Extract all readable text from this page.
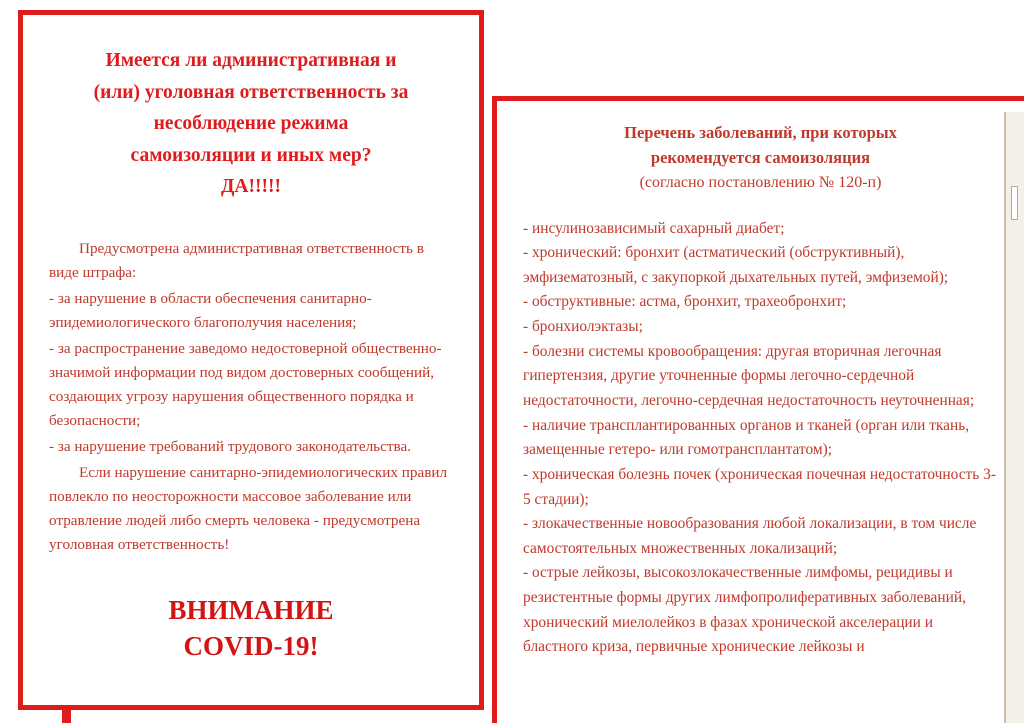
Имеется ли административная и
(или) уголовная ответственность за
несоблюдение режима
самоизоляции и иных мер?
ДА!!!!!

Предусмотрена административная ответственность в виде штрафа:

- за нарушение в области обеспечения санитарно-эпидемиологического благополучия населения;

- за распространение заведомо недостоверной общественно-значимой информации под видом достоверных сообщений, создающих угрозу нарушения общественного порядка и безопасности;

- за нарушение требований трудового законодательства.

Если нарушение санитарно-эпидемиологических правил повлекло по неосторожности массовое заболевание или отравление людей либо смерть человека - предусмотрена уголовная ответственность!

ВНИМАНИЕ
COVID-19!
Перечень заболеваний, при которых
рекомендуется самоизоляция
(согласно постановлению № 120-п)

- инсулинозависимый сахарный диабет;

- хронический: бронхит (астматический (обструктивный), эмфизематозный, с закупоркой дыхательных путей, эмфиземой);

- обструктивные: астма, бронхит, трахеобронхит;

- бронхиолэктазы;

- болезни системы кровообращения: другая вторичная легочная гипертензия, другие уточненные формы легочно-сердечной недостаточности, легочно-сердечная недостаточность неуточненная;

- наличие трансплантированных органов и тканей (орган или ткань, замещенные гетеро- или гомотрансплантатом);

- хроническая болезнь почек (хроническая почечная недостаточность 3-5 стадии);

- злокачественные новообразования любой локализации, в том числе самостоятельных множественных локализаций;

- острые лейкозы, высокозлокачественные лимфомы, рецидивы и резистентные формы других лимфопролиферативных заболеваний, хронический миелолейкоз в фазах хронической акселерации и бластного криза, первичные хронические лейкозы и
